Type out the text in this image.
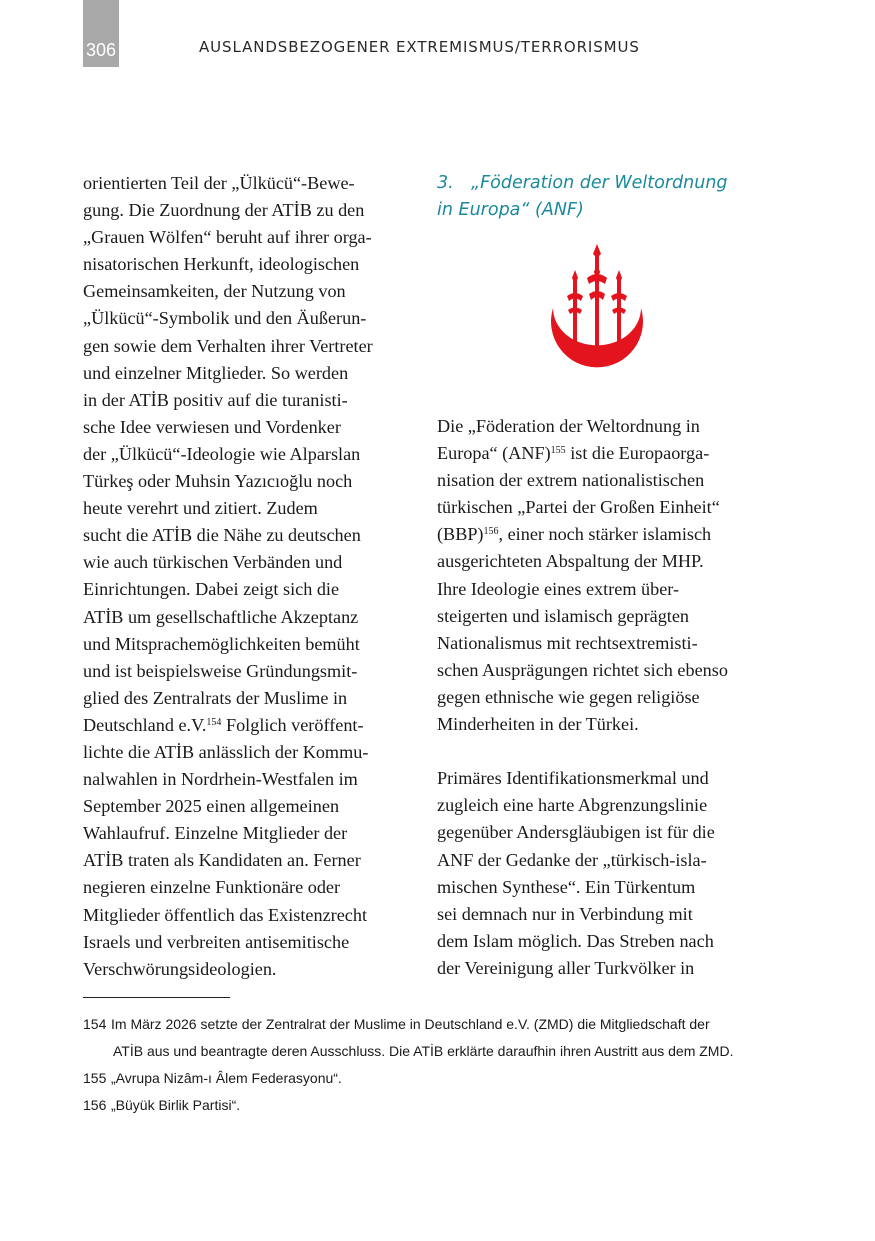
306	AUSLANDSBEZOGENER EXTREMISMUS/TERRORISMUS
orientierten Teil der „Ülkücü“-Bewe-
gung. Die Zuordnung der ATİB zu den
„Grauen Wölfen“ beruht auf ihrer orga-
nisatorischen Herkunft, ideologischen
Gemeinsamkeiten, der Nutzung von
„Ülkücü“-Symbolik und den Äußerun-
gen sowie dem Verhalten ihrer Vertreter
und einzelner Mitglieder. So werden
in der ATİB positiv auf die turanisti-
sche Idee verwiesen und Vordenker
der „Ülkücü“-Ideologie wie Alparslan
Türkeş oder Muhsin Yazıcıoğlu noch
heute verehrt und zitiert. Zudem
sucht die ATİB die Nähe zu deutschen
wie auch türkischen Verbänden und
Einrichtungen. Dabei zeigt sich die
ATİB um gesellschaftliche Akzeptanz
und Mitsprachemöglichkeiten bemüht
und ist beispielsweise Gründungsmit-
glied des Zentralrats der Muslime in
Deutschland e.V.$^{154}$ Folglich veröffent-
lichte die ATİB anlässlich der Kommu-
nalwahlen in Nordrhein-Westfalen im
September 2025 einen allgemeinen
Wahlaufruf. Einzelne Mitglieder der
ATİB traten als Kandidaten an. Ferner
negieren einzelne Funktionäre oder
Mitglieder öffentlich das Existenzrecht
Israels und verbreiten antisemitische
Verschwörungsideologien.
3. „Föderation der Weltordnung
in Europa“ (ANF)
Die „Föderation der Weltordnung in
Europa“ (ANF)$^{155}$ ist die Europaorga-
nisation der extrem nationalistischen
türkischen „Partei der Großen Einheit“
(BBP)$^{156}$, einer noch stärker islamisch
ausgerichteten Abspaltung der MHP.
Ihre Ideologie eines extrem über-
steigerten und islamisch geprägten
Nationalismus mit rechtsextremisti-
schen Ausprägungen richtet sich ebenso
gegen ethnische wie gegen religiöse
Minderheiten in der Türkei.
Primäres Identifikationsmerkmal und
zugleich eine harte Abgrenzungslinie
gegenüber Andersgläubigen ist für die
ANF der Gedanke der „türkisch-isla-
mischen Synthese“. Ein Türkentum
sei demnach nur in Verbindung mit
dem Islam möglich. Das Streben nach
der Vereinigung aller Turkvölker in
154 Im März 2026 setzte der Zentralrat der Muslime in Deutschland e.V. (ZMD) die Mitgliedschaft der
ATİB aus und beantragte deren Ausschluss. Die ATİB erklärte daraufhin ihren Austritt aus dem ZMD.
155 „Avrupa Nizâm-ı Âlem Federasyonu“.
156 „Büyük Birlik Partisi“.
